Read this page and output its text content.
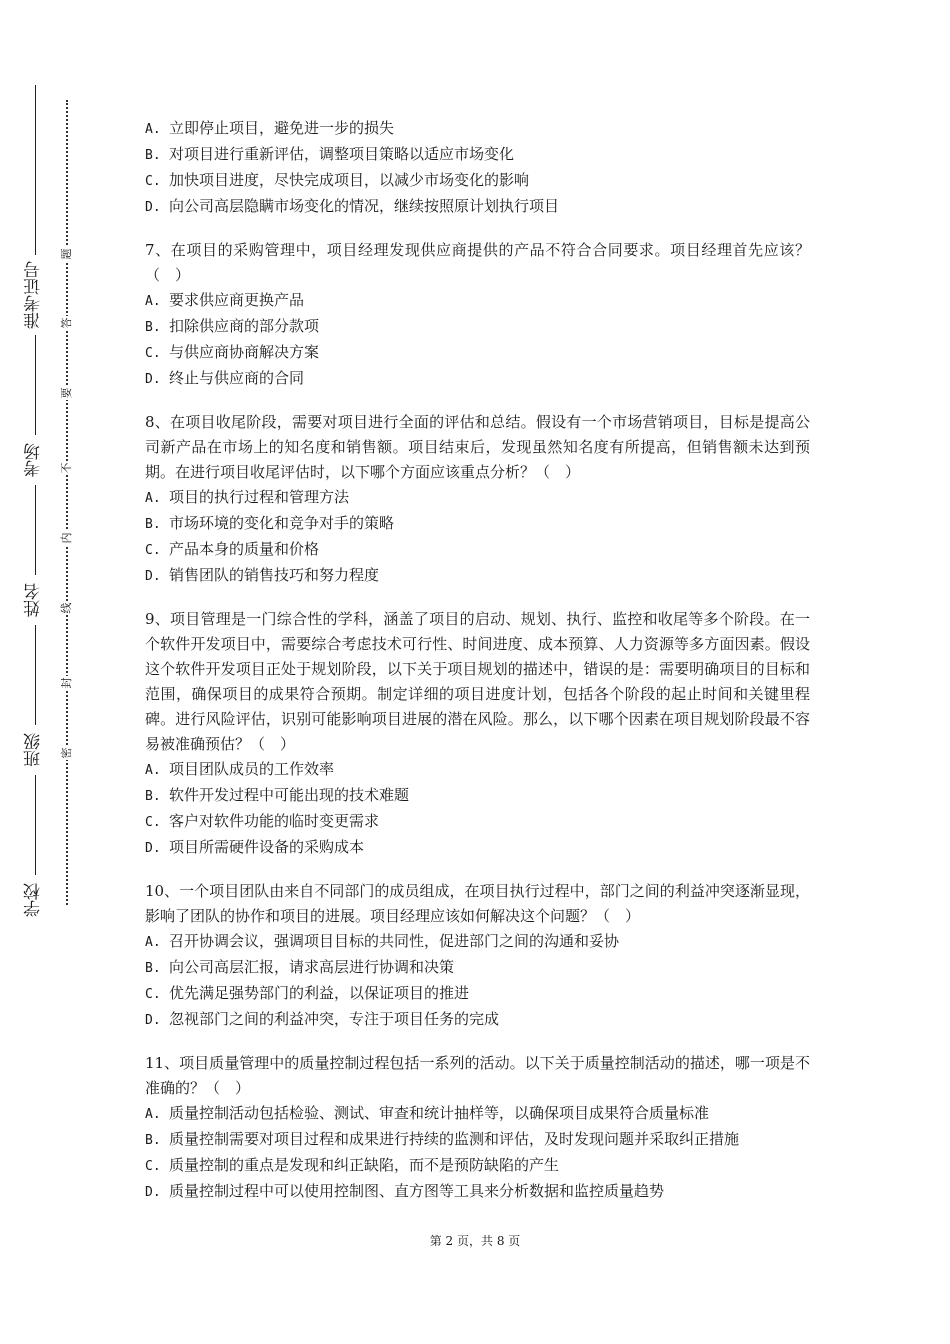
准考证号
考场
姓名
班级
学校
题
答
要
不
内
线
封
密
A. 立即停止项目，避免进一步的损失
B. 对项目进行重新评估，调整项目策略以适应市场变化
C. 加快项目进度，尽快完成项目，以减少市场变化的影响
D. 向公司高层隐瞒市场变化的情况，继续按照原计划执行项目
7、在项目的采购管理中，项目经理发现供应商提供的产品不符合合同要求。项目经理首先应该？（　）
A. 要求供应商更换产品
B. 扣除供应商的部分款项
C. 与供应商协商解决方案
D. 终止与供应商的合同
8、在项目收尾阶段，需要对项目进行全面的评估和总结。假设有一个市场营销项目，目标是提高公司新产品在市场上的知名度和销售额。项目结束后，发现虽然知名度有所提高，但销售额未达到预期。在进行项目收尾评估时，以下哪个方面应该重点分析？（　）
A. 项目的执行过程和管理方法
B. 市场环境的变化和竞争对手的策略
C. 产品本身的质量和价格
D. 销售团队的销售技巧和努力程度
9、项目管理是一门综合性的学科，涵盖了项目的启动、规划、执行、监控和收尾等多个阶段。在一个软件开发项目中，需要综合考虑技术可行性、时间进度、成本预算、人力资源等多方面因素。假设这个软件开发项目正处于规划阶段，以下关于项目规划的描述中，错误的是：需要明确项目的目标和范围，确保项目的成果符合预期。制定详细的项目进度计划，包括各个阶段的起止时间和关键里程碑。进行风险评估，识别可能影响项目进展的潜在风险。那么，以下哪个因素在项目规划阶段最不容易被准确预估？（　）
A. 项目团队成员的工作效率
B. 软件开发过程中可能出现的技术难题
C. 客户对软件功能的临时变更需求
D. 项目所需硬件设备的采购成本
10、一个项目团队由来自不同部门的成员组成，在项目执行过程中，部门之间的利益冲突逐渐显现，影响了团队的协作和项目的进展。项目经理应该如何解决这个问题？（　）
A. 召开协调会议，强调项目目标的共同性，促进部门之间的沟通和妥协
B. 向公司高层汇报，请求高层进行协调和决策
C. 优先满足强势部门的利益，以保证项目的推进
D. 忽视部门之间的利益冲突，专注于项目任务的完成
11、项目质量管理中的质量控制过程包括一系列的活动。以下关于质量控制活动的描述，哪一项是不准确的？（　）
A. 质量控制活动包括检验、测试、审查和统计抽样等，以确保项目成果符合质量标准
B. 质量控制需要对项目过程和成果进行持续的监测和评估，及时发现问题并采取纠正措施
C. 质量控制的重点是发现和纠正缺陷，而不是预防缺陷的产生
D. 质量控制过程中可以使用控制图、直方图等工具来分析数据和监控质量趋势
第 2 页，共 8 页
